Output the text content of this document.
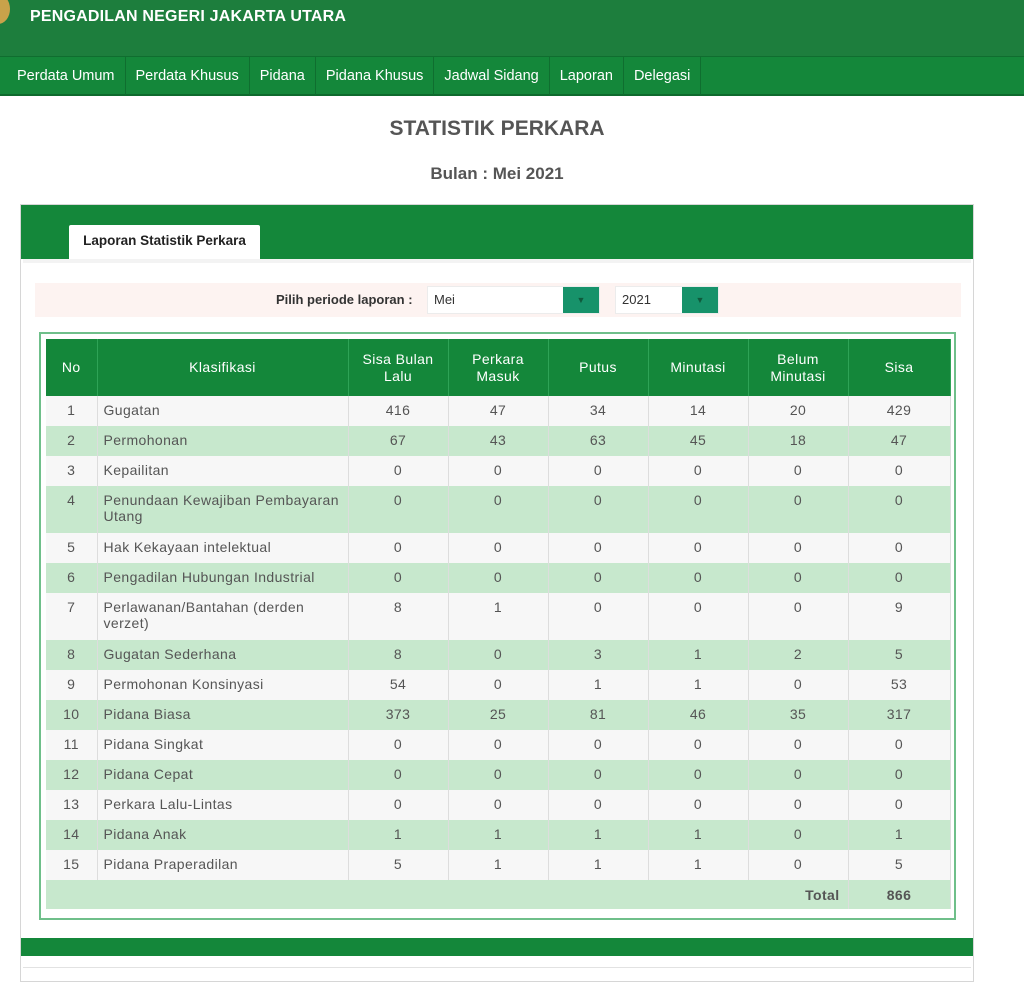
PENGADILAN NEGERI JAKARTA UTARA
Perdata Umum	Perdata Khusus	Pidana	Pidana Khusus	Jadwal Sidang	Laporan	Delegasi
STATISTIK PERKARA
Bulan : Mei 2021
Laporan Statistik Perkara
Pilih periode laporan :	Mei	▼	2021	▼
No	Klasifikasi	Sisa Bulan Lalu	Perkara Masuk	Putus	Minutasi	Belum Minutasi	Sisa
1	Gugatan	416	47	34	14	20	429
2	Permohonan	67	43	63	45	18	47
3	Kepailitan	0	0	0	0	0	0
4	Penundaan Kewajiban Pembayaran Utang	0	0	0	0	0	0
5	Hak Kekayaan intelektual	0	0	0	0	0	0
6	Pengadilan Hubungan Industrial	0	0	0	0	0	0
7	Perlawanan/Bantahan (derden verzet)	8	1	0	0	0	9
8	Gugatan Sederhana	8	0	3	1	2	5
9	Permohonan Konsinyasi	54	0	1	1	0	53
10	Pidana Biasa	373	25	81	46	35	317
11	Pidana Singkat	0	0	0	0	0	0
12	Pidana Cepat	0	0	0	0	0	0
13	Perkara Lalu-Lintas	0	0	0	0	0	0
14	Pidana Anak	1	1	1	1	0	1
15	Pidana Praperadilan	5	1	1	1	0	5
Total							866
